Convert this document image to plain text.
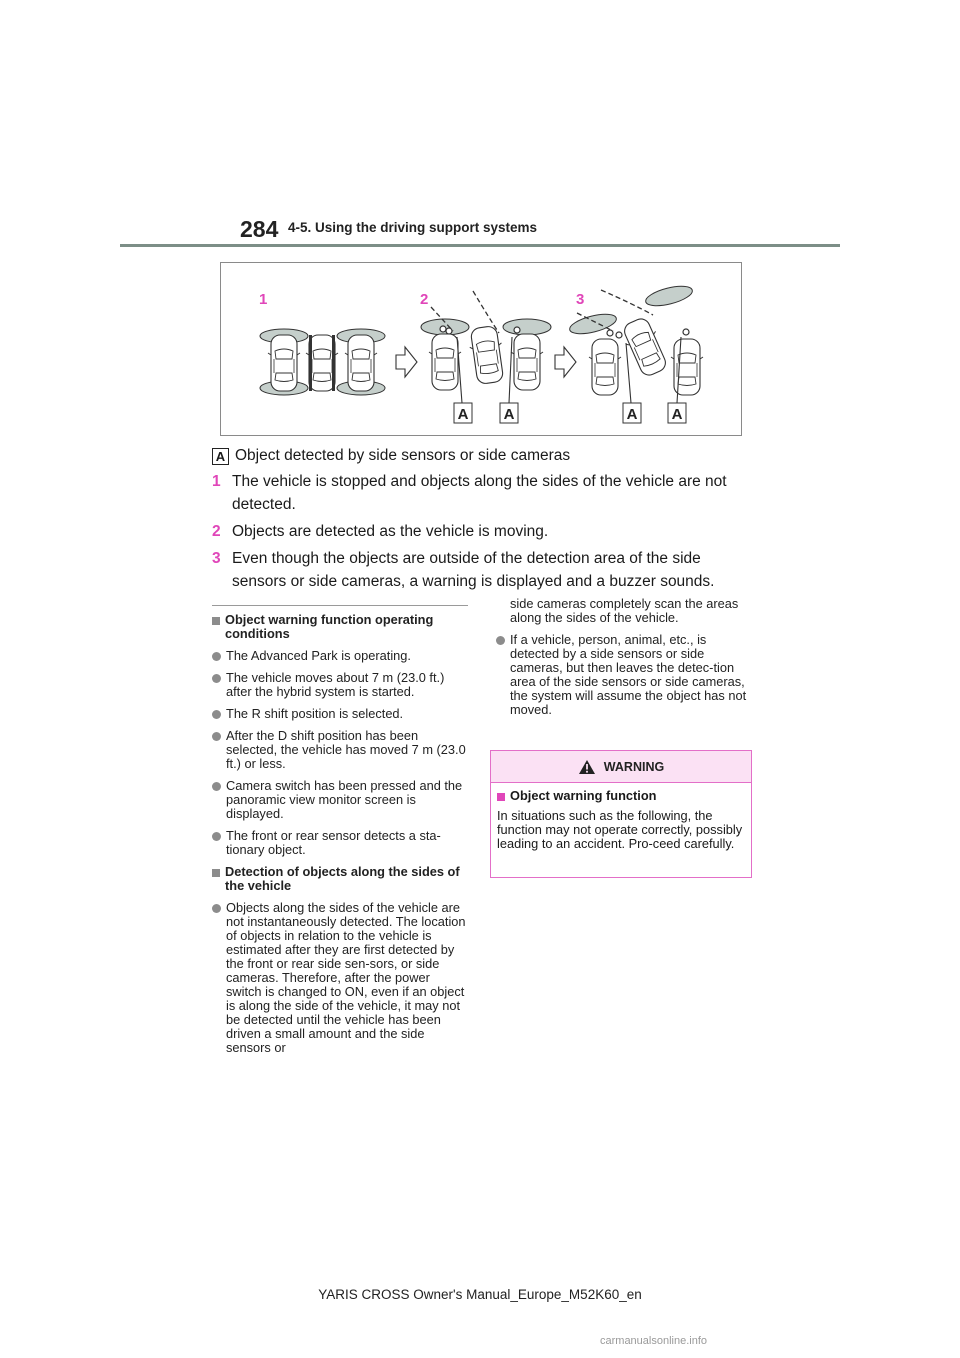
284 4-5. Using the driving support systems
1	2	3
A A	A A
A Object detected by side sensors or side cameras
1 The vehicle is stopped and objects along the sides of the vehicle are not detected.
2 Objects are detected as the vehicle is moving.
3 Even though the objects are outside of the detection area of the side sensors or side cameras, a warning is displayed and a buzzer sounds.
Object warning function operating conditions
The Advanced Park is operating.
The vehicle moves about 7 m (23.0 ft.) after the hybrid system is started.
The R shift position is selected.
After the D shift position has been selected, the vehicle has moved 7 m (23.0 ft.) or less.
Camera switch has been pressed and the panoramic view monitor screen is displayed.
The front or rear sensor detects a sta-tionary object.
Detection of objects along the sides of the vehicle
Objects along the sides of the vehicle are not instantaneously detected. The location of objects in relation to the vehicle is estimated after they are first detected by the front or rear side sen-sors, or side cameras. Therefore, after the power switch is changed to ON, even if an object is along the side of the vehicle, it may not be detected until the vehicle has been driven a small amount and the side sensors or
side cameras completely scan the areas along the sides of the vehicle.
If a vehicle, person, animal, etc., is detected by a side sensors or side cameras, but then leaves the detec-tion area of the side sensors or side cameras, the system will assume the object has not moved.
WARNING
Object warning function
In situations such as the following, the function may not operate correctly, possibly leading to an accident. Pro-ceed carefully.
YARIS CROSS Owner's Manual_Europe_M52K60_en
carmanualsonline.info
